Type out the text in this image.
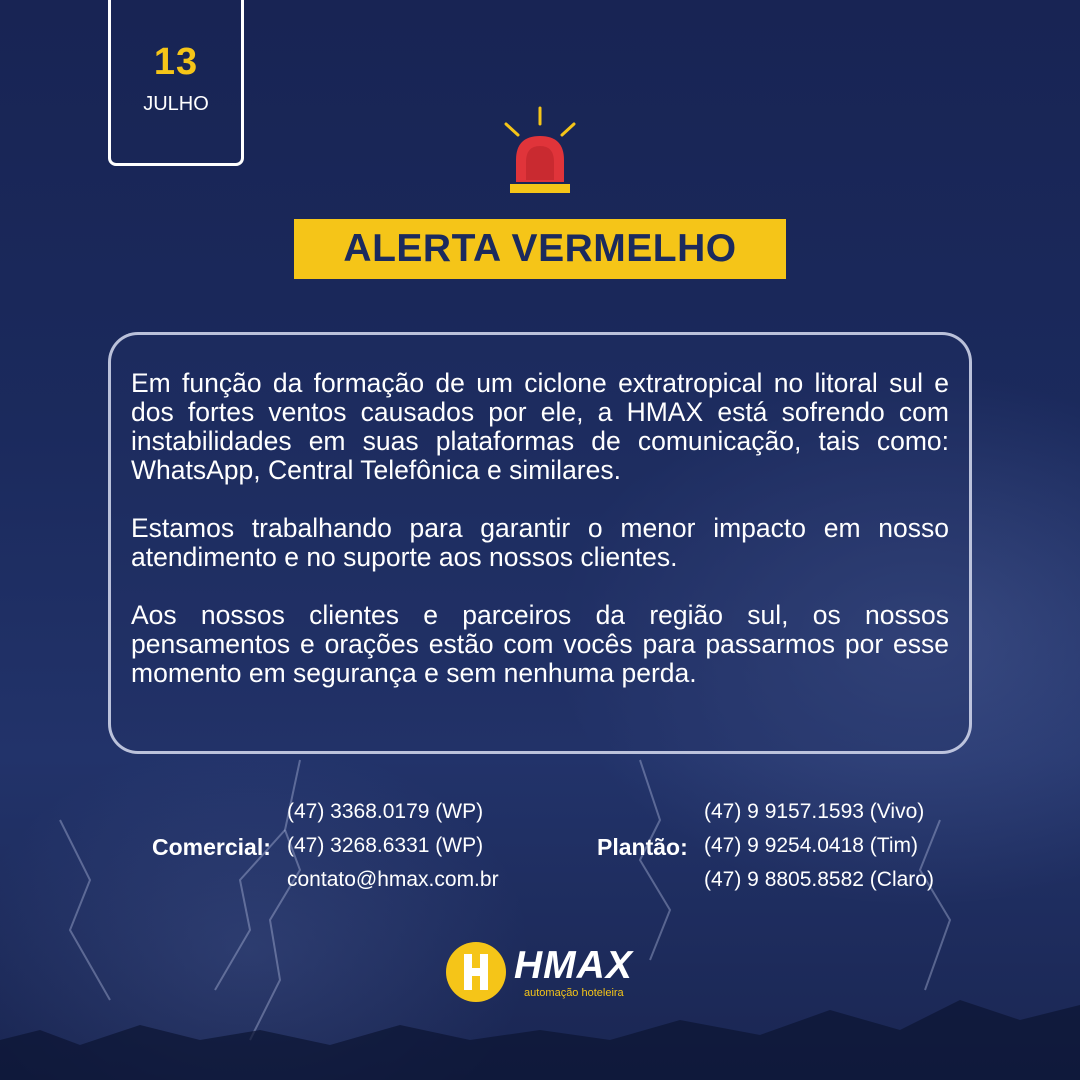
13
JULHO
ALERTA VERMELHO

Em função da formação de um ciclone extratropical no litoral sul e dos fortes ventos causados por ele, a HMAX está sofrendo com instabilidades em suas plataformas de comunicação, tais como: WhatsApp, Central Telefônica e similares.

Estamos trabalhando para garantir o menor impacto em nosso atendimento e no suporte aos nossos clientes.

Aos nossos clientes e parceiros da região sul, os nossos pensamentos e orações estão com vocês para passarmos por esse momento em segurança e sem nenhuma perda.

Comercial:
(47) 3368.0179 (WP)
(47) 3268.6331 (WP)
contato@hmax.com.br
Plantão:
(47) 9 9157.1593 (Vivo)
(47) 9 9254.0418 (Tim)
(47) 9 8805.8582 (Claro)
HMAX
automação hoteleira
